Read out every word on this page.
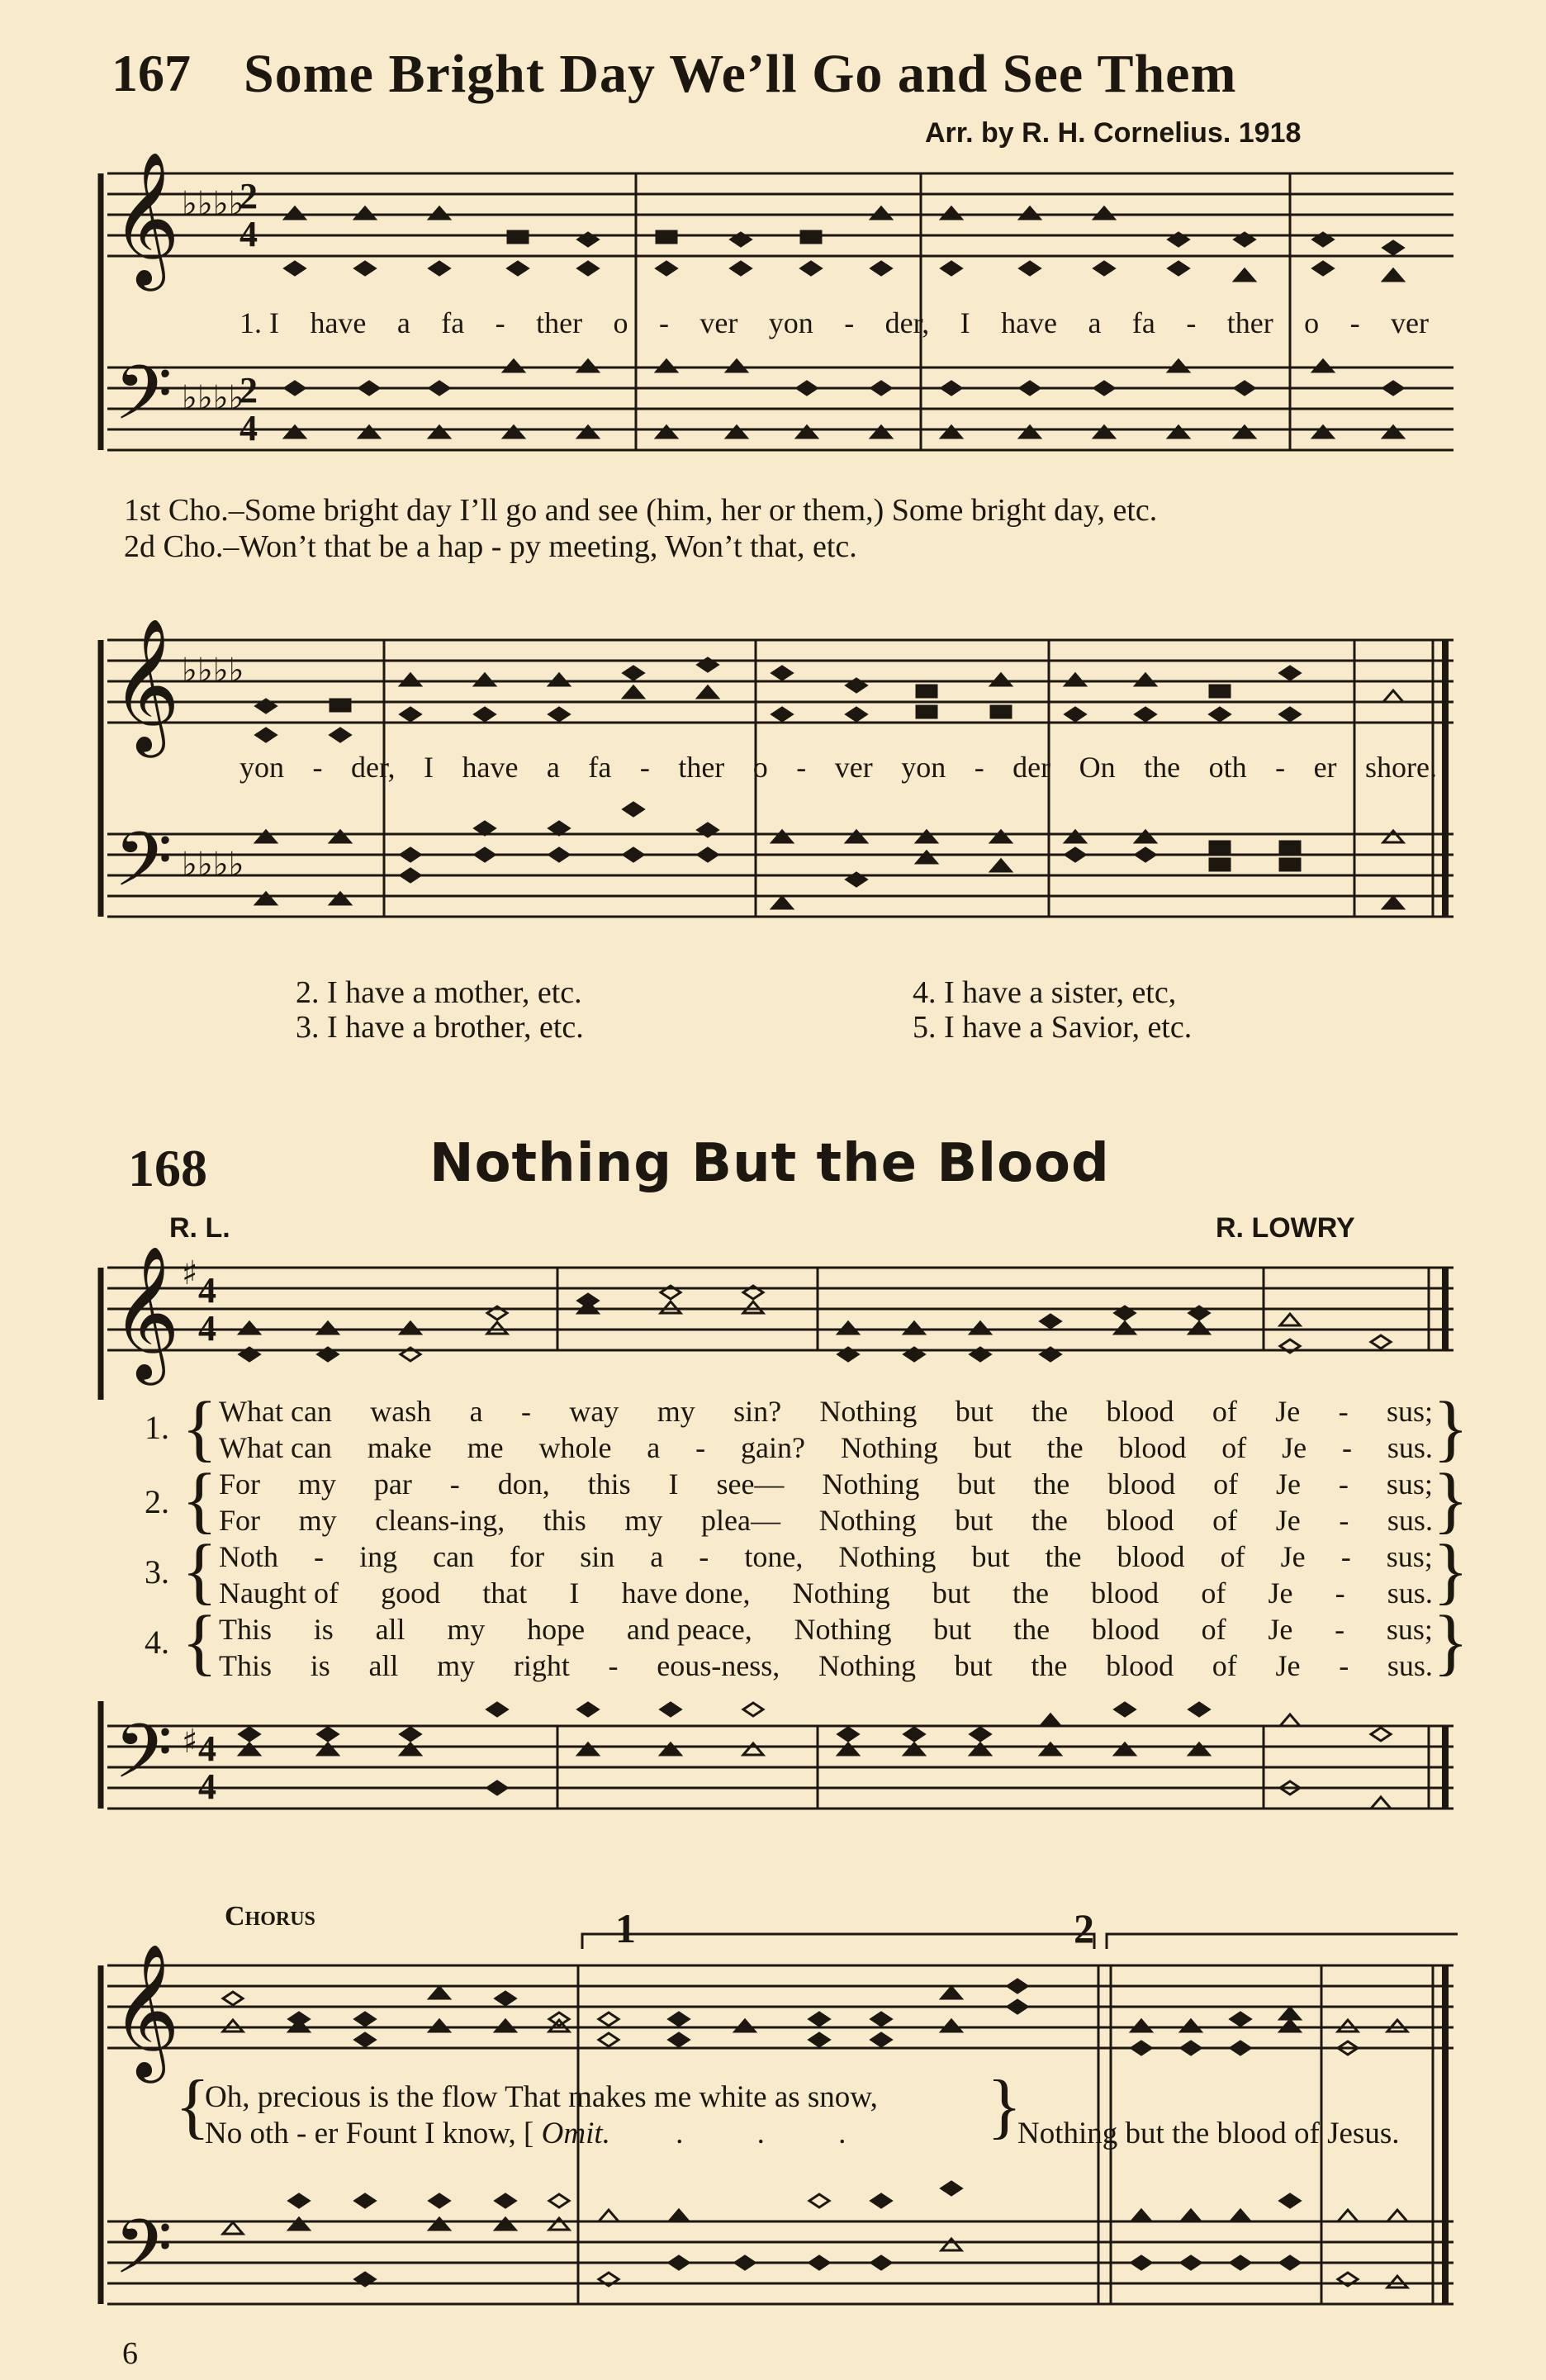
167 Some Bright Day We’ll Go and See Them
Arr. by R. H. Cornelius. 1918
𝄞
𝄢
♭♭♭♭
♭♭♭♭
2
4
2
4
1. I have a fa - ther o - ver yon - der, I have a fa - ther o - ver
1st Cho.–Some bright day I’ll go and see (him, her or them,) Some bright day, etc.
2d Cho.–Won’t that be a hap - py meeting, Won’t that, etc.
𝄞
𝄢
♭♭♭♭
♭♭♭♭
yon - der, I have a fa - ther o - ver yon - der On the oth - er shore.
2. I have a mother, etc.
3. I have a brother, etc.
4. I have a sister, etc,
5. I have a Savior, etc.
168	Nothing But the Blood
R. L.	R. LOWRY
𝄞 ♯ 4
4
1.
2.
3.
4.
{
{
{
{
}
}
}
}
What can wash a - way my sin? Nothing but the blood of Je - sus;
What can make me whole a - gain? Nothing but the blood of Je - sus.
For my par - don, this I see— Nothing but the blood of Je - sus;
For my cleans-ing, this my plea— Nothing but the blood of Je - sus.
Noth - ing can for sin a - tone, Nothing but the blood of Je - sus;
Naught of good that I have done, Nothing but the blood of Je - sus.
This is all my hope and peace, Nothing but the blood of Je - sus;
This is all my right - eous-ness, Nothing but the blood of Je - sus.
𝄢 ♯ 4
4
Chorus
𝄞
𝄢
1	2
{
Oh, precious is the flow That makes me white as snow,
No oth - er Fount I know, [ Omit. . . . }
Nothing but the blood of Jesus.
6
